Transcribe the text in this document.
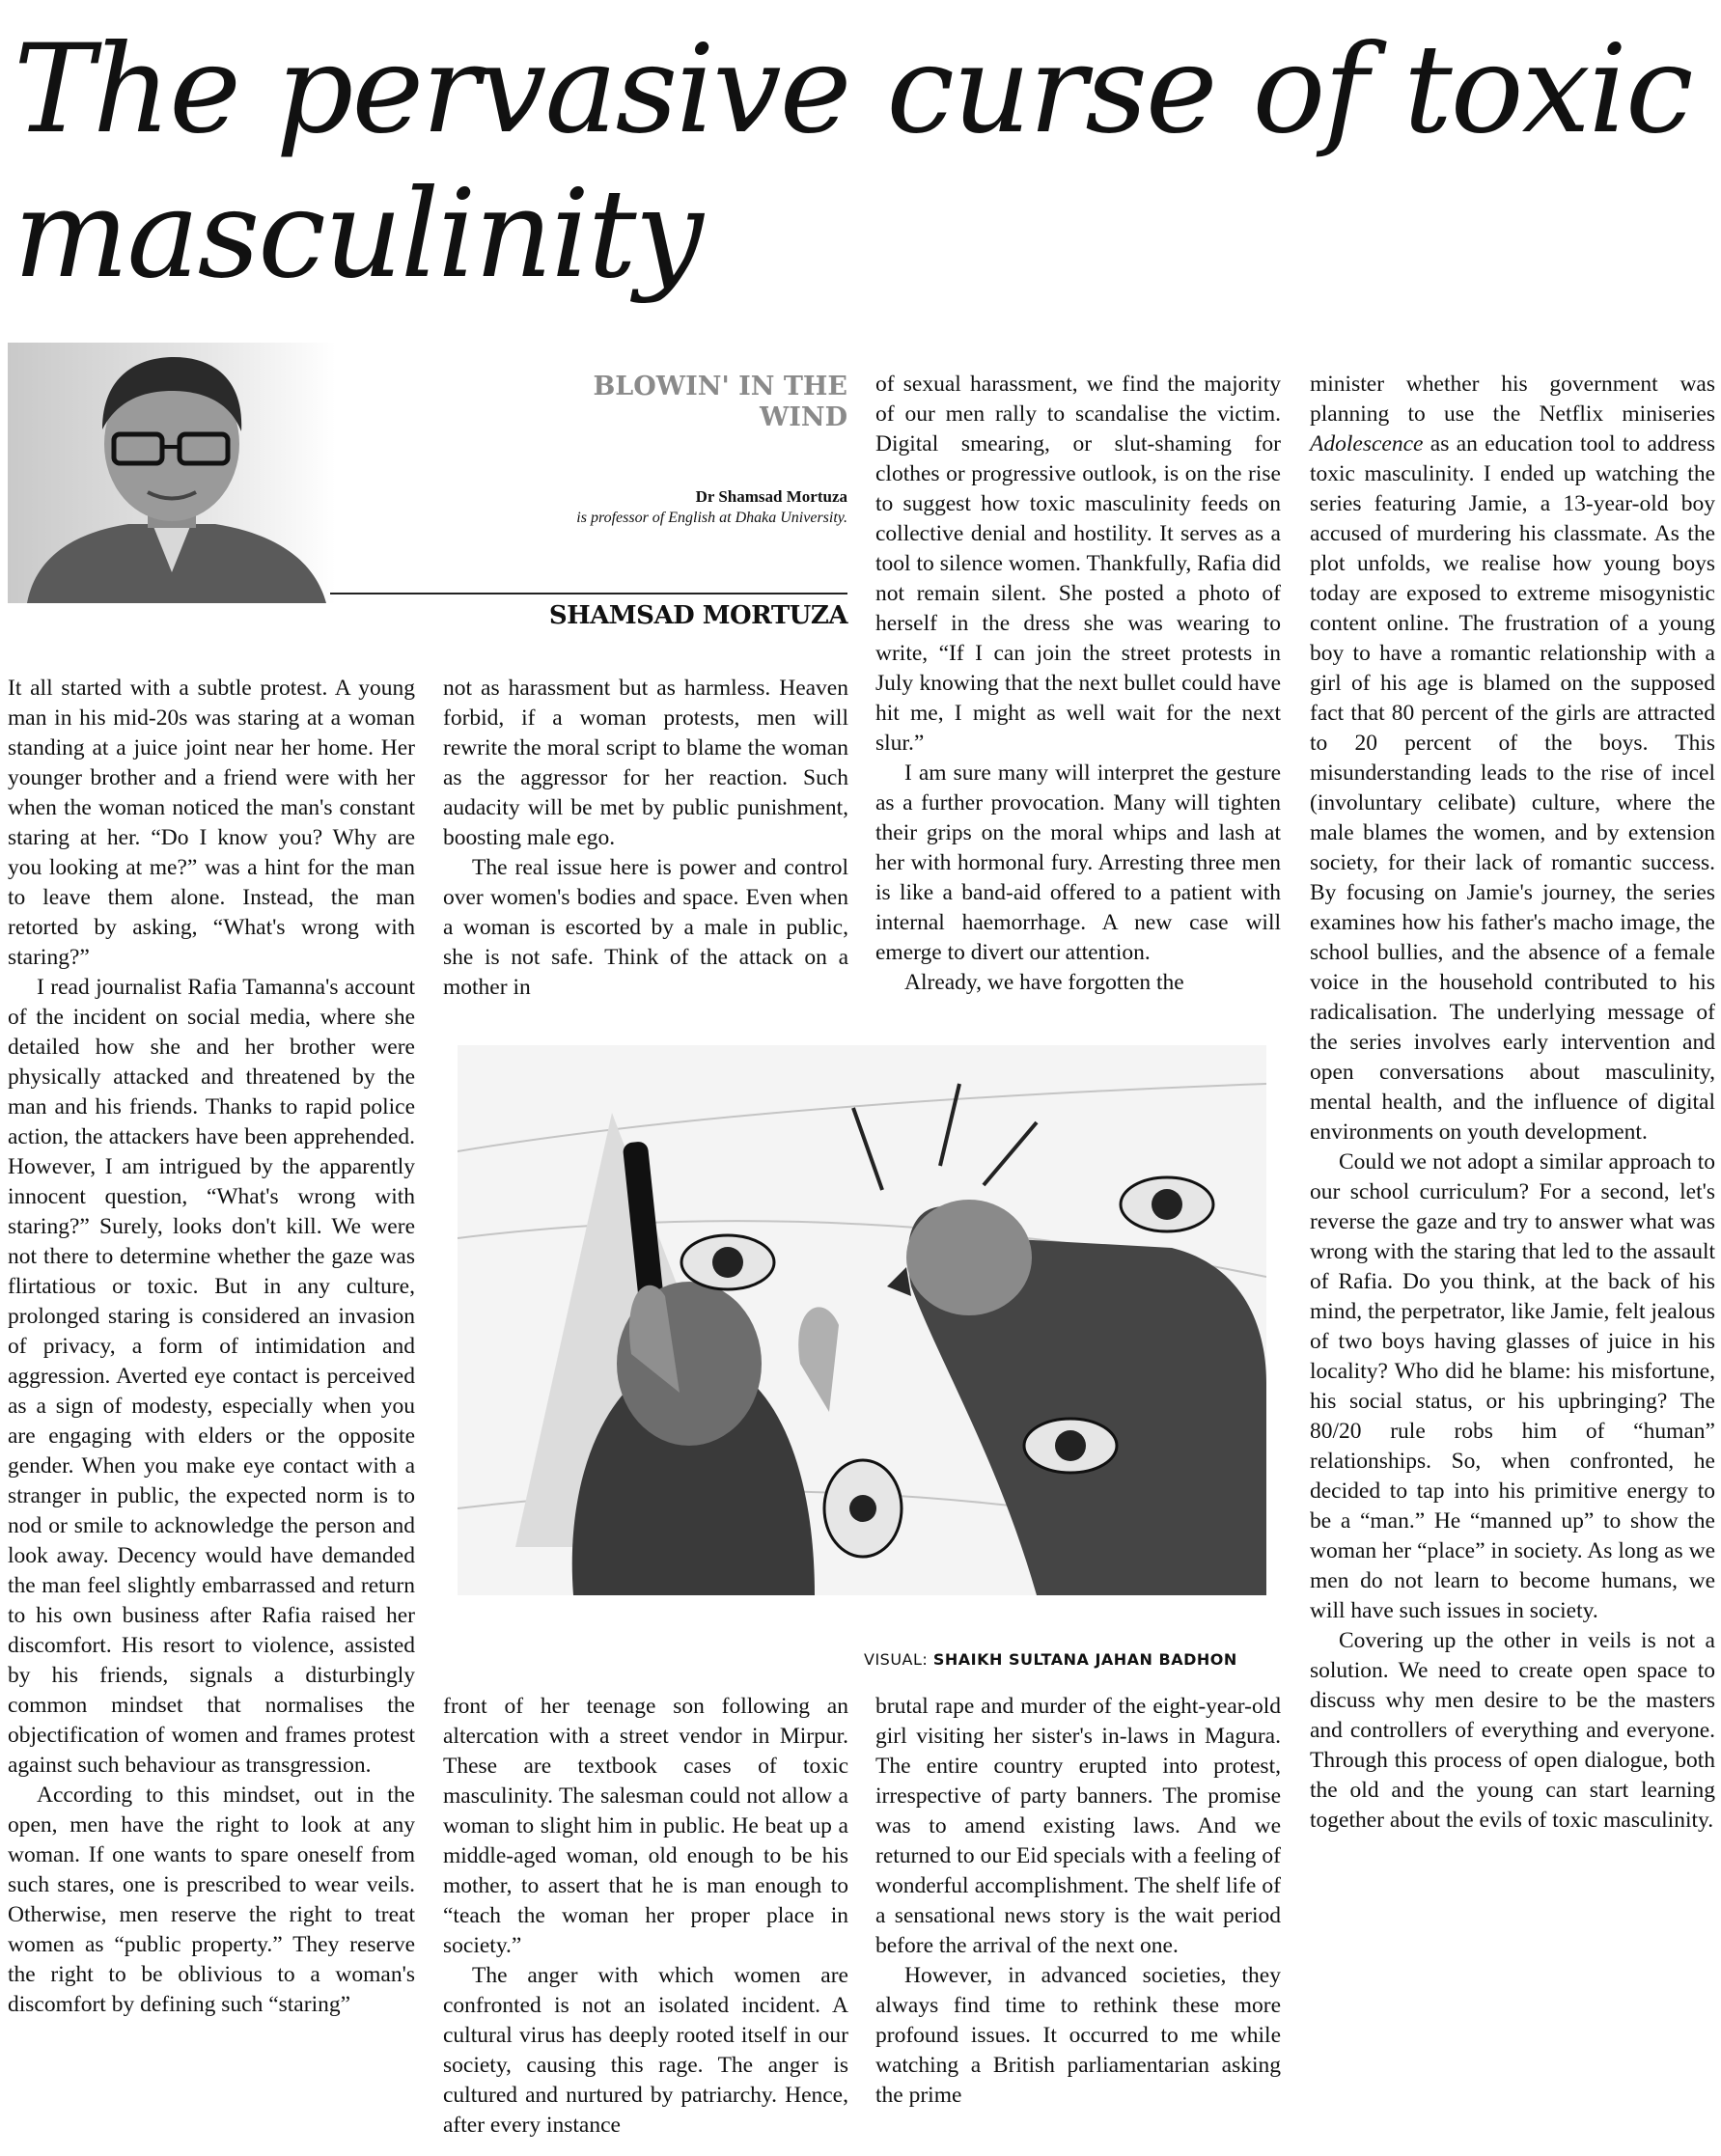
The pervasive curse of toxic masculinity
BLOWIN' IN THE WIND
Dr Shamsad Mortuza
is professor of English at Dhaka University.
SHAMSAD MORTUZA

It all started with a subtle protest. A young man in his mid-20s was staring at a woman standing at a juice joint near her home. Her younger brother and a friend were with her when the woman noticed the man's constant staring at her. “Do I know you? Why are you looking at me?” was a hint for the man to leave them alone. Instead, the man retorted by asking, “What's wrong with staring?”

I read journalist Rafia Tamanna's account of the incident on social media, where she detailed how she and her brother were physically attacked and threatened by the man and his friends. Thanks to rapid police action, the attackers have been apprehended. However, I am intrigued by the apparently innocent question, “What's wrong with staring?” Surely, looks don't kill. We were not there to determine whether the gaze was flirtatious or toxic. But in any culture, prolonged staring is considered an invasion of privacy, a form of intimidation and aggression. Averted eye contact is perceived as a sign of modesty, especially when you are engaging with elders or the opposite gender. When you make eye contact with a stranger in public, the expected norm is to nod or smile to acknowledge the person and look away. Decency would have demanded the man feel slightly embarrassed and return to his own business after Rafia raised her discomfort. His resort to violence, assisted by his friends, signals a disturbingly common mindset that normalises the objectification of women and frames protest against such behaviour as transgression.

According to this mindset, out in the open, men have the right to look at any woman. If one wants to spare oneself from such stares, one is prescribed to wear veils. Otherwise, men reserve the right to treat women as “public property.” They reserve the right to be oblivious to a woman's discomfort by defining such “staring”

not as harassment but as harmless. Heaven forbid, if a woman protests, men will rewrite the moral script to blame the woman as the aggressor for her reaction. Such audacity will be met by public punishment, boosting male ego.

The real issue here is power and control over women's bodies and space. Even when a woman is escorted by a male in public, she is not safe. Think of the attack on a mother in

of sexual harassment, we find the majority of our men rally to scandalise the victim. Digital smearing, or slut-shaming for clothes or progressive outlook, is on the rise to suggest how toxic masculinity feeds on collective denial and hostility. It serves as a tool to silence women. Thankfully, Rafia did not remain silent. She posted a photo of herself in the dress she was wearing to write, “If I can join the street protests in July knowing that the next bullet could have hit me, I might as well wait for the next slur.”

I am sure many will interpret the gesture as a further provocation. Many will tighten their grips on the moral whips and lash at her with hormonal fury. Arresting three men is like a band-aid offered to a patient with internal haemorrhage. A new case will emerge to divert our attention.

Already, we have forgotten the

VISUAL: SHAIKH SULTANA JAHAN BADHON

front of her teenage son following an altercation with a street vendor in Mirpur. These are textbook cases of toxic masculinity. The salesman could not allow a woman to slight him in public. He beat up a middle-aged woman, old enough to be his mother, to assert that he is man enough to “teach the woman her proper place in society.”

The anger with which women are confronted is not an isolated incident. A cultural virus has deeply rooted itself in our society, causing this rage. The anger is cultured and nurtured by patriarchy. Hence, after every instance

brutal rape and murder of the eight-year-old girl visiting her sister's in-laws in Magura. The entire country erupted into protest, irrespective of party banners. The promise was to amend existing laws. And we returned to our Eid specials with a feeling of wonderful accomplishment. The shelf life of a sensational news story is the wait period before the arrival of the next one.

However, in advanced societies, they always find time to rethink these more profound issues. It occurred to me while watching a British parliamentarian asking the prime

minister whether his government was planning to use the Netflix miniseries Adolescence as an education tool to address toxic masculinity. I ended up watching the series featuring Jamie, a 13-year-old boy accused of murdering his classmate. As the plot unfolds, we realise how young boys today are exposed to extreme misogynistic content online. The frustration of a young boy to have a romantic relationship with a girl of his age is blamed on the supposed fact that 80 percent of the girls are attracted to 20 percent of the boys. This misunderstanding leads to the rise of incel (involuntary celibate) culture, where the male blames the women, and by extension society, for their lack of romantic success. By focusing on Jamie's journey, the series examines how his father's macho image, the school bullies, and the absence of a female voice in the household contributed to his radicalisation. The underlying message of the series involves early intervention and open conversations about masculinity, mental health, and the influence of digital environments on youth development.

Could we not adopt a similar approach to our school curriculum? For a second, let's reverse the gaze and try to answer what was wrong with the staring that led to the assault of Rafia. Do you think, at the back of his mind, the perpetrator, like Jamie, felt jealous of two boys having glasses of juice in his locality? Who did he blame: his misfortune, his social status, or his upbringing? The 80/20 rule robs him of “human” relationships. So, when confronted, he decided to tap into his primitive energy to be a “man.” He “manned up” to show the woman her “place” in society. As long as we men do not learn to become humans, we will have such issues in society.

Covering up the other in veils is not a solution. We need to create open space to discuss why men desire to be the masters and controllers of everything and everyone. Through this process of open dialogue, both the old and the young can start learning together about the evils of toxic masculinity.
